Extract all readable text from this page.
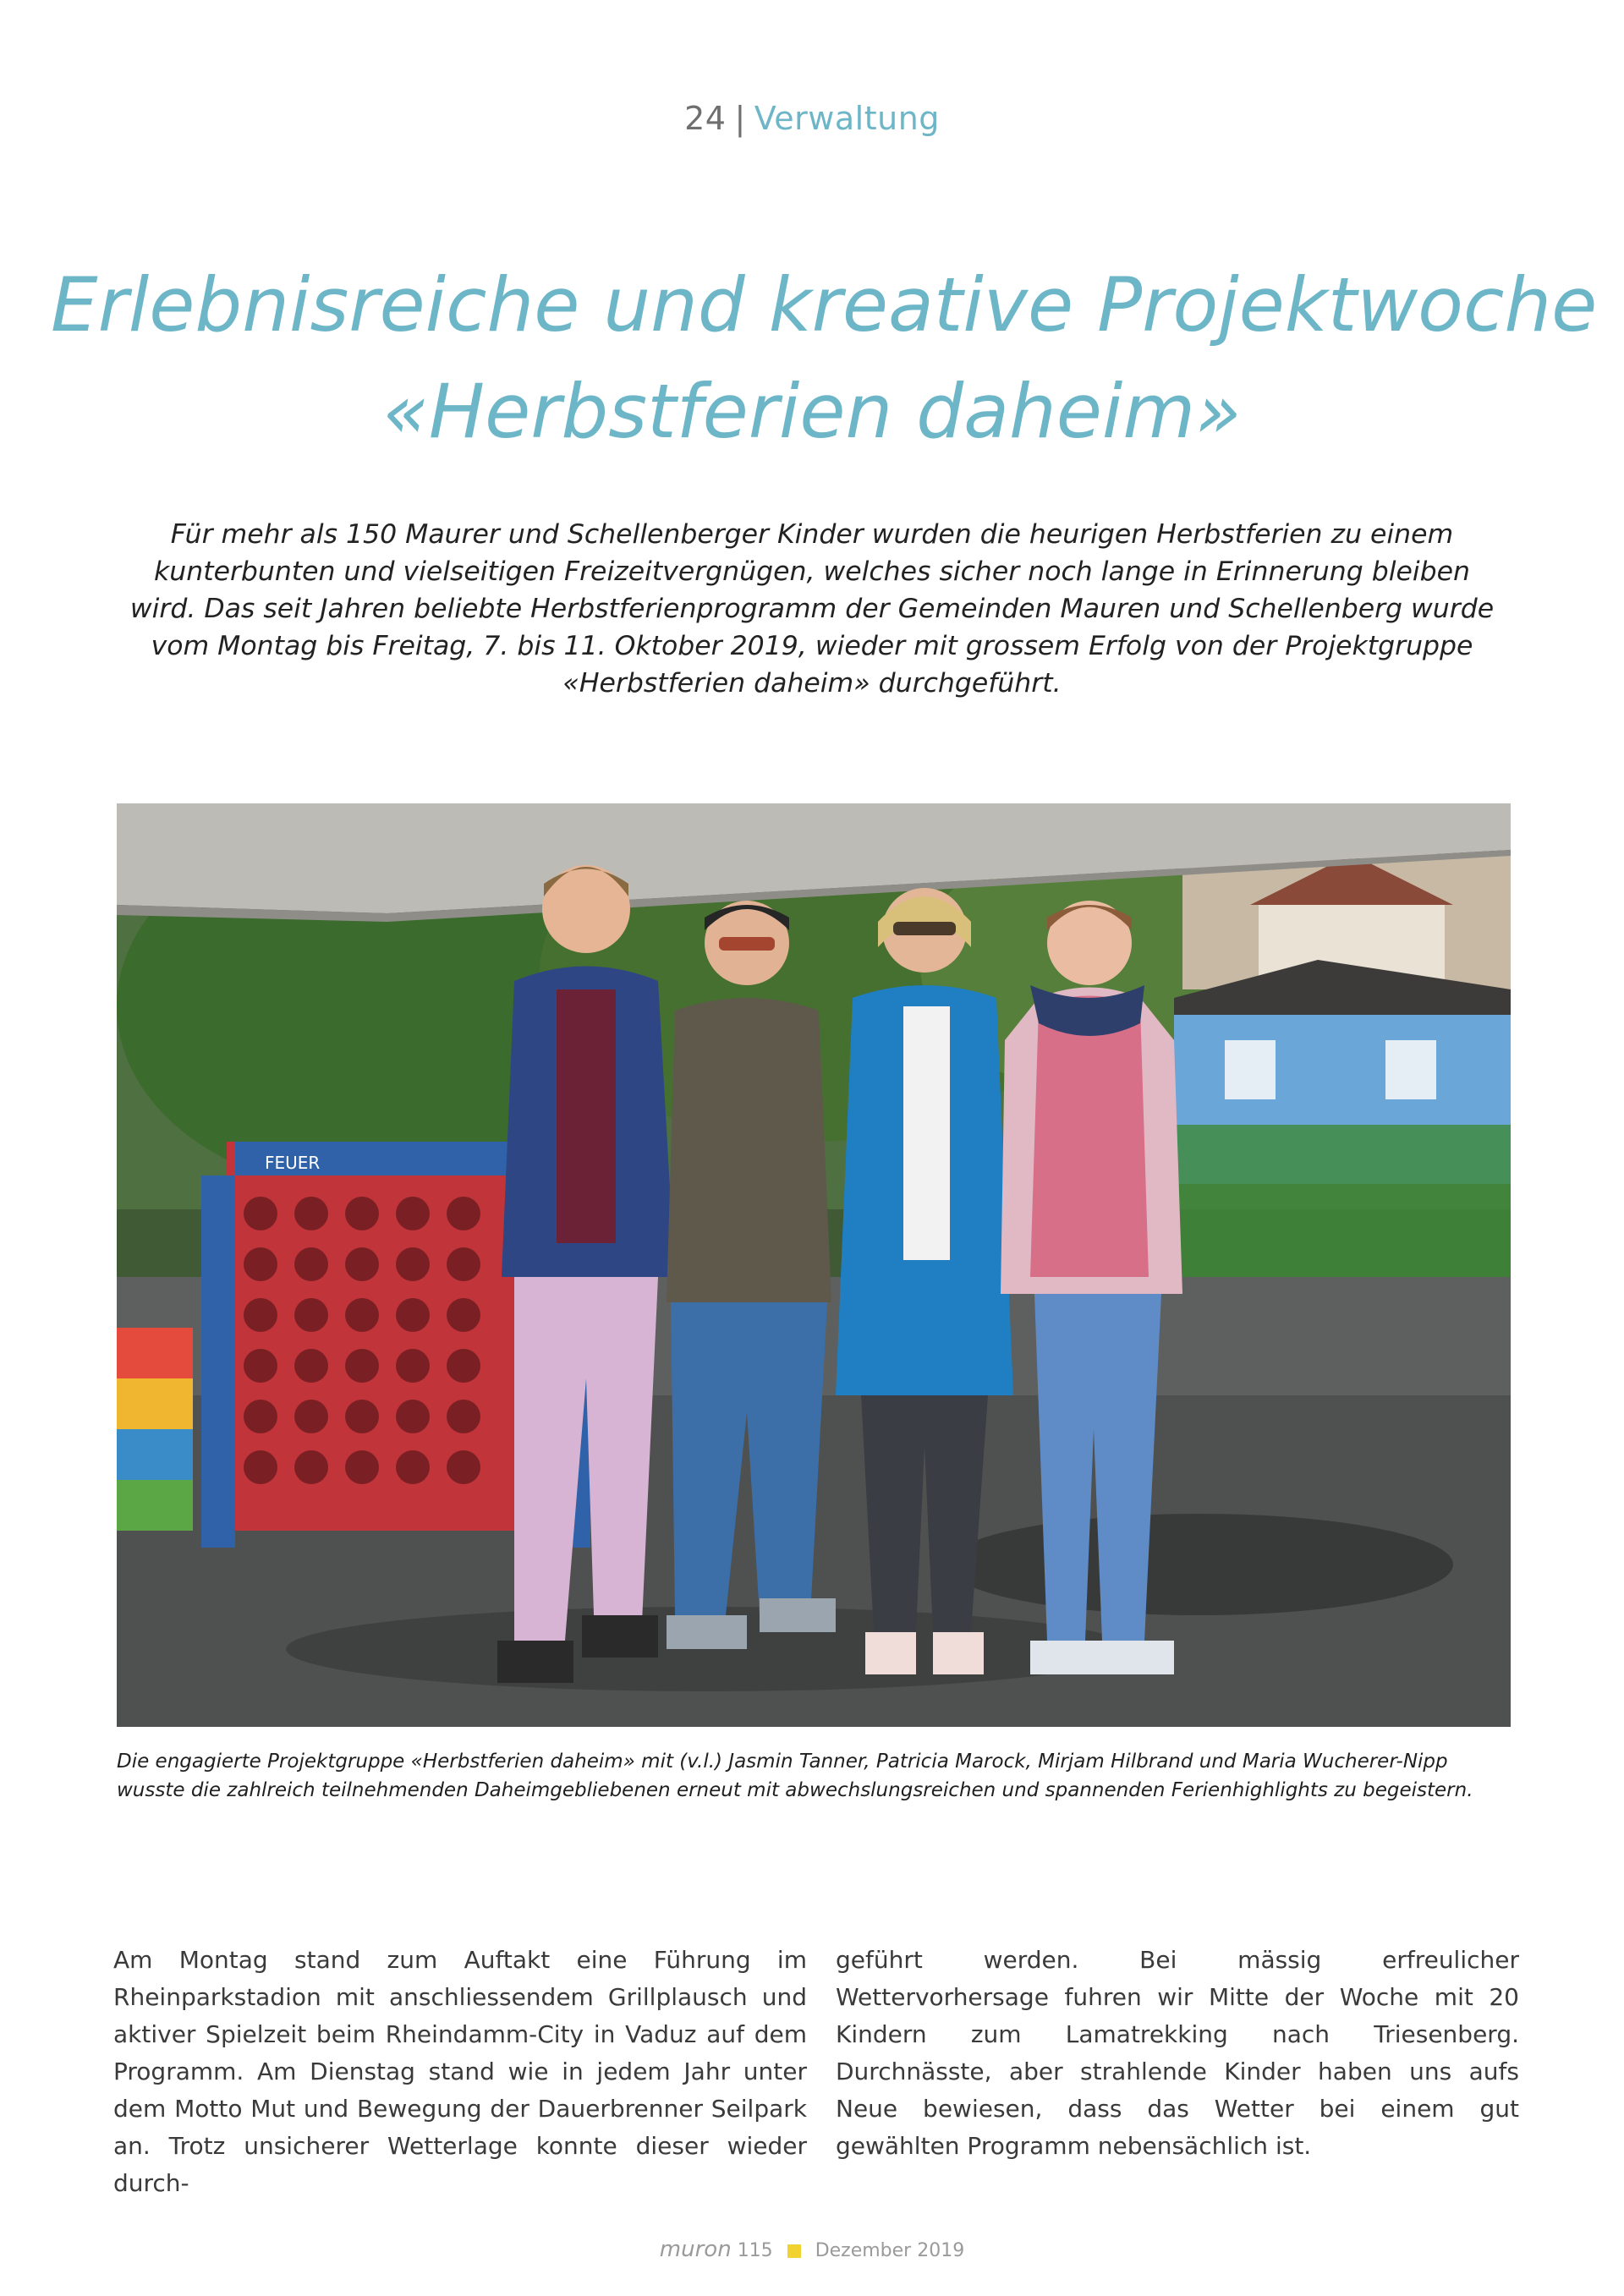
24 | Verwaltung
Erlebnisreiche und kreative Projektwoche
«Herbstferien daheim»
Für mehr als 150 Maurer und Schellenberger Kinder wurden die heurigen Herbstferien zu einem kunterbunten und vielseitigen Freizeitvergnügen, welches sicher noch lange in Erinnerung bleiben wird. Das seit Jahren beliebte Herbstferienprogramm der Gemeinden Mauren und Schellenberg wurde vom Montag bis Freitag, 7. bis 11. Oktober 2019, wieder mit grossem Erfolg von der Projektgruppe «Herbstferien daheim» durchgeführt.
FEUER
Die engagierte Projektgruppe «Herbstferien daheim» mit (v.l.) Jasmin Tanner, Patricia Marock, Mirjam Hilbrand und Maria Wucherer-Nipp wusste die zahlreich teilnehmenden Daheimgebliebenen erneut mit abwechslungsreichen und spannenden Ferienhighlights zu begeistern.
Am Montag stand zum Auftakt eine Führung im Rheinparkstadion mit anschliessendem Grillplausch und aktiver Spielzeit beim Rheindamm-City in Vaduz auf dem Programm. Am Dienstag stand wie in jedem Jahr unter dem Motto Mut und Bewegung der Dauerbrenner Seilpark an. Trotz unsicherer Wetterlage konnte dieser wieder durch-
geführt werden. Bei mässig erfreulicher Wettervorhersage fuhren wir Mitte der Woche mit 20 Kindern zum Lamatrekking nach Triesenberg. Durchnässte, aber strahlende Kinder haben uns aufs Neue bewiesen, dass das Wetter bei einem gut gewählten Programm nebensächlich ist.
muron 115 Dezember 2019
